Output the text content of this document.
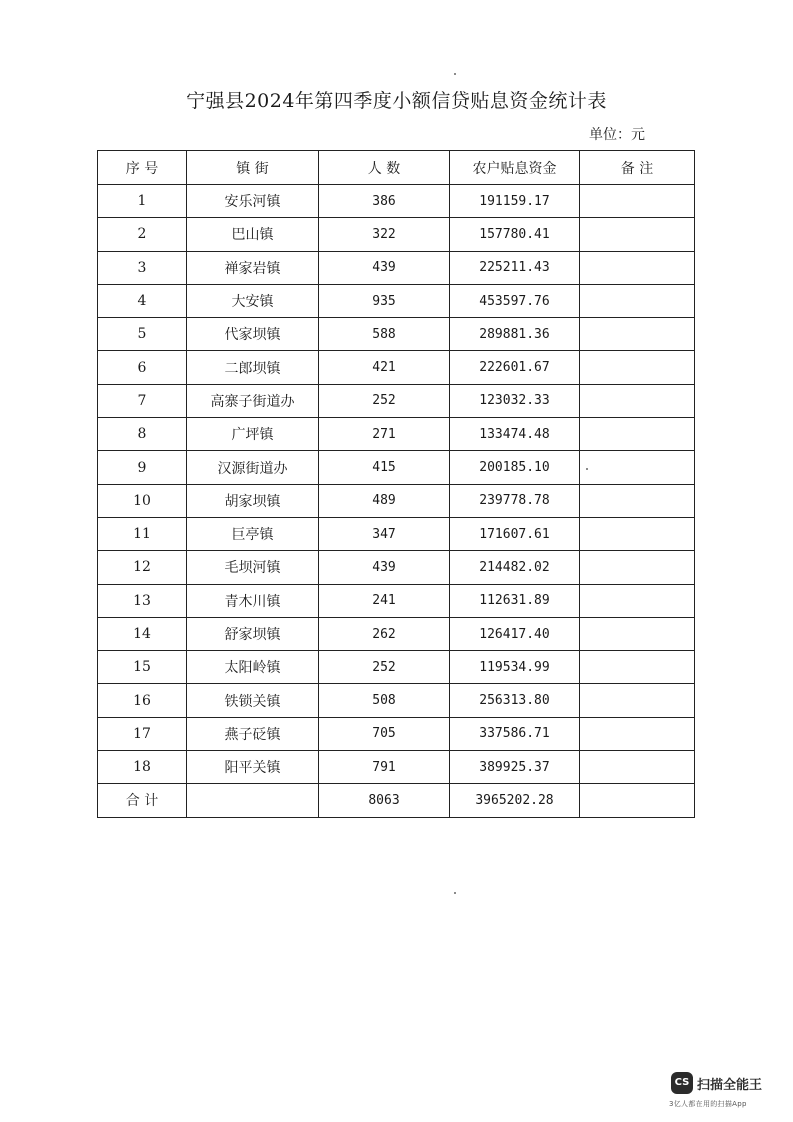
宁强县2024年第四季度小额信贷贴息资金统计表
单位：元
序 号	镇 街	人 数	农户贴息资金	备 注
1	安乐河镇	386	191159.17	
2	巴山镇	322	157780.41	
3	禅家岩镇	439	225211.43	
4	大安镇	935	453597.76	
5	代家坝镇	588	289881.36	
6	二郎坝镇	421	222601.67	
7	高寨子街道办	252	123032.33	
8	广坪镇	271	133474.48	
9	汉源街道办	415	200185.10	
10	胡家坝镇	489	239778.78	
11	巨亭镇	347	171607.61	
12	毛坝河镇	439	214482.02	
13	青木川镇	241	112631.89	
14	舒家坝镇	262	126417.40	
15	太阳岭镇	252	119534.99	
16	铁锁关镇	508	256313.80	
17	燕子砭镇	705	337586.71	
18	阳平关镇	791	389925.37	
合 计		8063	3965202.28	
CS 扫描全能王
3亿人都在用的扫描App
